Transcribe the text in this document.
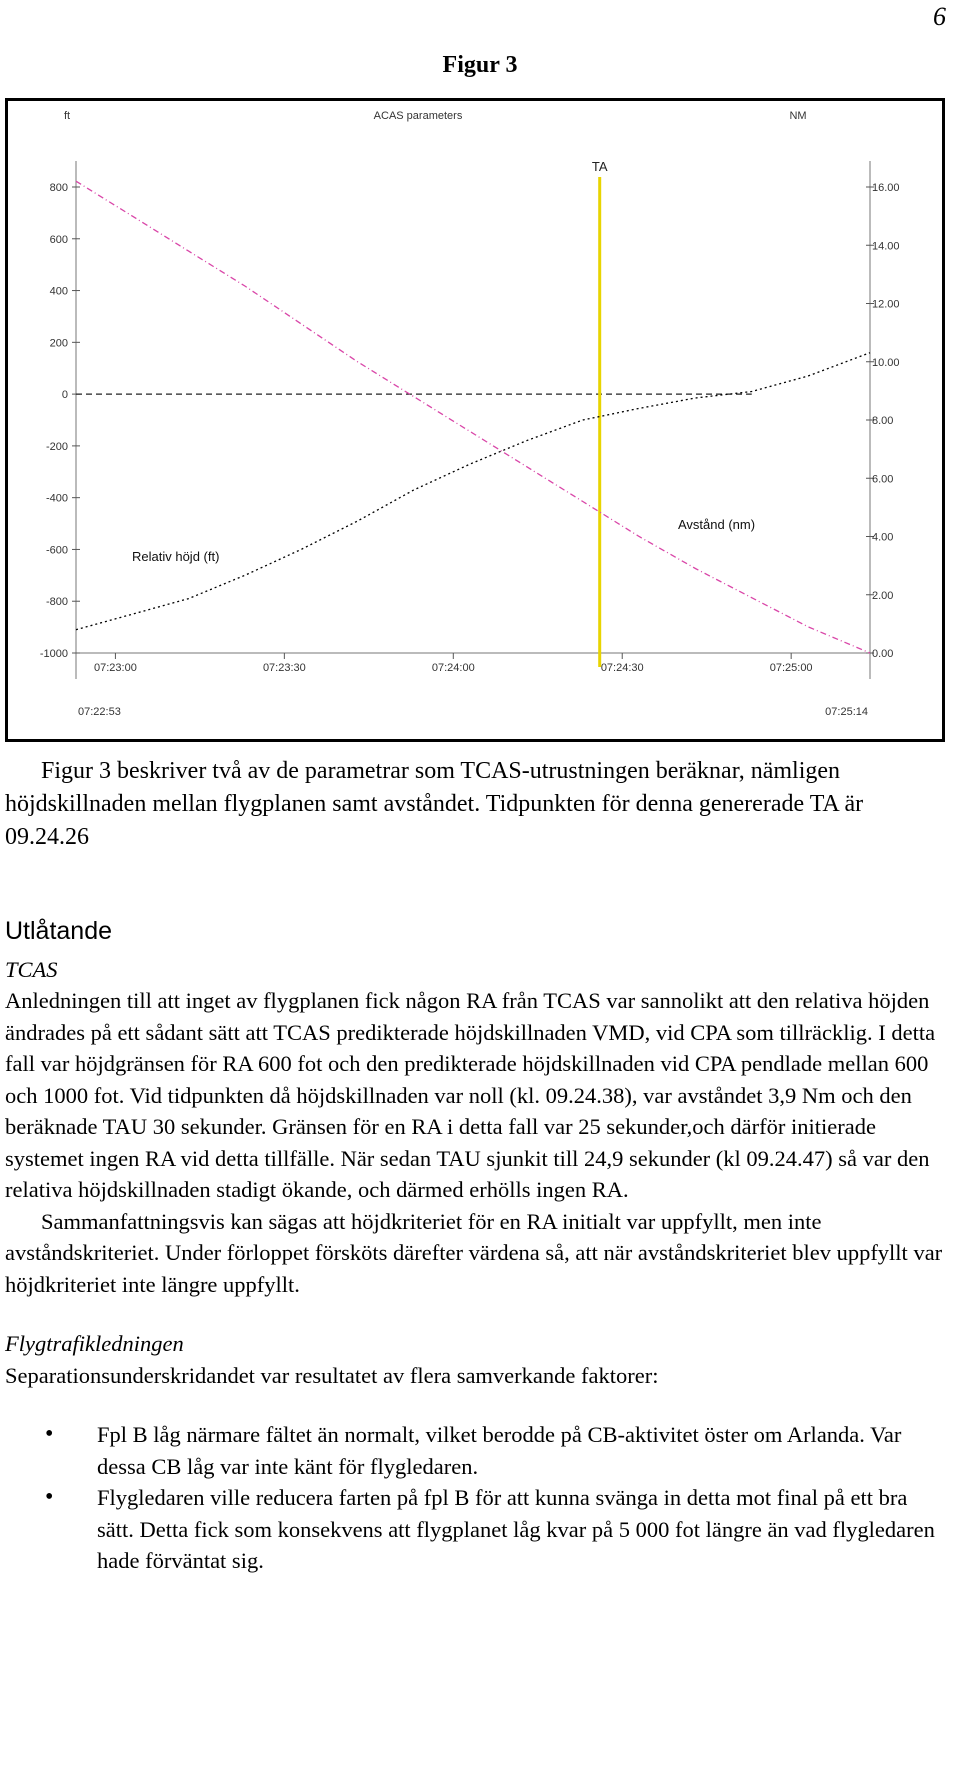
6
Figur 3
ft	ACAS parameters	NM
800
600
400
200
0
-200
-400
-600
-800
-1000
16.00
14.00
12.00
10.00
8.00
6.00
4.00
2.00
0.00
07:23:00	07:23:30	07:24:00	07:24:30	07:25:00
07:22:53	07:25:14
TA
Relativ höjd (ft)
Avstånd (nm)

Figur 3 beskriver två av de parametrar som TCAS-utrustningen beräknar, nämligen höjdskillnaden mellan flygplanen samt avståndet. Tidpunkten för denna genererade TA är 09.24.26

Utlåtande

TCAS

Anledningen till att inget av flygplanen fick någon RA från TCAS var sannolikt att den relativa höjden ändrades på ett sådant sätt att TCAS predikterade höjdskillnaden VMD, vid CPA som tillräcklig. I detta fall var höjdgränsen för RA 600 fot och den predikterade höjdskillnaden vid CPA pendlade mellan 600 och 1000 fot. Vid tidpunkten då höjdskillnaden var noll (kl. 09.24.38), var avståndet 3,9 Nm och den beräknade TAU 30 sekunder. Gränsen för en RA i detta fall var 25 sekunder,och därför initierade systemet ingen RA vid detta tillfälle. När sedan TAU sjunkit till 24,9 sekunder (kl 09.24.47) så var den relativa höjdskillnaden stadigt ökande, och därmed erhölls ingen RA.

Sammanfattningsvis kan sägas att höjdkriteriet för en RA initialt var uppfyllt, men inte avståndskriteriet. Under förloppet försköts därefter värdena så, att när avståndskriteriet blev uppfyllt var höjdkriteriet inte längre uppfyllt.

Flygtrafikledningen

Separationsunderskridandet var resultatet av flera samverkande faktorer:

• Fpl B låg närmare fältet än normalt, vilket berodde på CB-aktivitet öster om Arlanda. Var dessa CB låg var inte känt för flygledaren.
• Flygledaren ville reducera farten på fpl B för att kunna svänga in detta mot final på ett bra sätt. Detta fick som konsekvens att flygplanet låg kvar på 5 000 fot längre än vad flygledaren hade förväntat sig.
